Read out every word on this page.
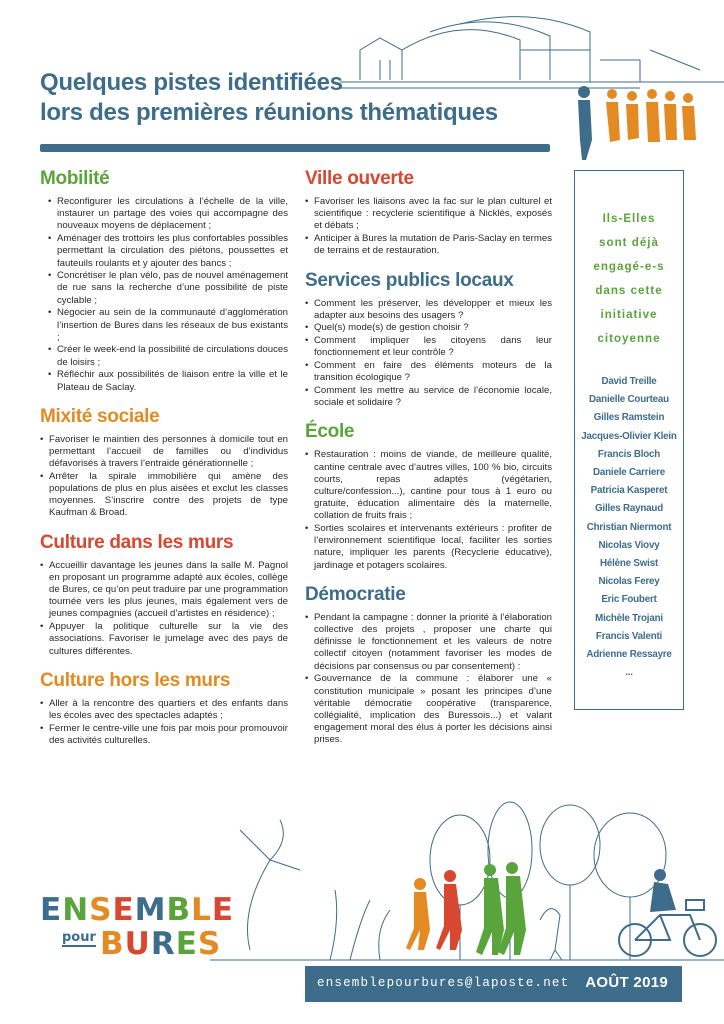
Quelques pistes identifiées
lors des premières réunions thématiques
Mobilité
• Reconfigurer les circulations à l’échelle de la ville, instaurer un partage des voies qui accompagne des nouveaux moyens de déplacement ;
• Aménager des trottoirs les plus confortables possibles permettant la circulation des piétons, poussettes et fauteuils roulants et y ajouter des bancs ;
• Concrétiser le plan vélo, pas de nouvel aménagement de rue sans la recherche d’une possibilité de piste cyclable ;
• Négocier au sein de la communauté d’agglomération l’insertion de Bures dans les réseaux de bus existants ;
• Créer le week-end la possibilité de circulations douces de loisirs ;
• Réfléchir aux possibilités de liaison entre la ville et le Plateau de Saclay.
Mixité sociale
• Favoriser le maintien des personnes à domicile tout en permettant l’accueil de familles ou d’individus défavorisés à travers l’entraide générationnelle ;
• Arrêter la spirale immobilière qui amène des populations de plus en plus aisées et exclut les classes moyennes. S’inscrire contre des projets de type Kaufman & Broad.
Culture dans les murs
• Accueillir davantage les jeunes dans la salle M. Pagnol en proposant un programme adapté aux écoles, collège de Bures, ce qu’on peut traduire par une programmation tournée vers les plus jeunes, mais également vers de jeunes compagnies (accueil d’artistes en résidence) ;
• Appuyer la politique culturelle sur la vie des associations. Favoriser le jumelage avec des pays de cultures différentes.
Culture hors les murs
• Aller à la rencontre des quartiers et des enfants dans les écoles avec des spectacles adaptés ;
• Fermer le centre-ville une fois par mois pour promouvoir des activités culturelles.
Ville ouverte
• Favoriser les liaisons avec la fac sur le plan culturel et scientifique : recyclerie scientifique à Nicklès, exposés et débats ;
• Anticiper à Bures la mutation de Paris-Saclay en termes de terrains et de restauration.
Services publics locaux
• Comment les préserver, les développer et mieux les adapter aux besoins des usagers ?
• Quel(s) mode(s) de gestion choisir ?
• Comment impliquer les citoyens dans leur fonctionnement et leur contrôle ?
• Comment en faire des éléments moteurs de la transition écologique ?
• Comment les mettre au service de l’économie locale, sociale et solidaire ?
École
• Restauration : moins de viande, de meilleure qualité, cantine centrale avec d’autres villes, 100 % bio, circuits courts, repas adaptés (végétarien, culture/confession...), cantine pour tous à 1 euro ou gratuite, éducation alimentaire dès la maternelle, collation de fruits frais ;
• Sorties scolaires et intervenants extérieurs : profiter de l’environnement scientifique local, faciliter les sorties nature, impliquer les parents (Recyclerie éducative), jardinage et potagers scolaires.
Démocratie
• Pendant la campagne : donner la priorité à l’élaboration collective des projets , proposer une charte qui définisse le fonctionnement et les valeurs de notre collectif citoyen (notamment favoriser les modes de décisions par consensus ou par consentement) :
• Gouvernance de la commune : élaborer une « constitution municipale » posant les principes d’une véritable démocratie coopérative (transparence, collégialité, implication des Buressois...) et valant engagement moral des élus à porter les décisions ainsi prises.
Ils-Elles
sont déjà
engagé-e-s
dans cette
initiative
citoyenne
David Treille
Danielle Courteau
Gilles Ramstein
Jacques-Olivier Klein
Francis Bloch
Daniele Carriere
Patricia Kasperet
Gilles Raynaud
Christian Niermont
Nicolas Viovy
Hélène Swist
Nicolas Ferey
Eric Foubert
Michèle Trojani
Francis Valenti
Adrienne Ressayre
...
ENSEMBLE
pour BURES
ensemblepourbures@laposte.net AOÛT 2019
